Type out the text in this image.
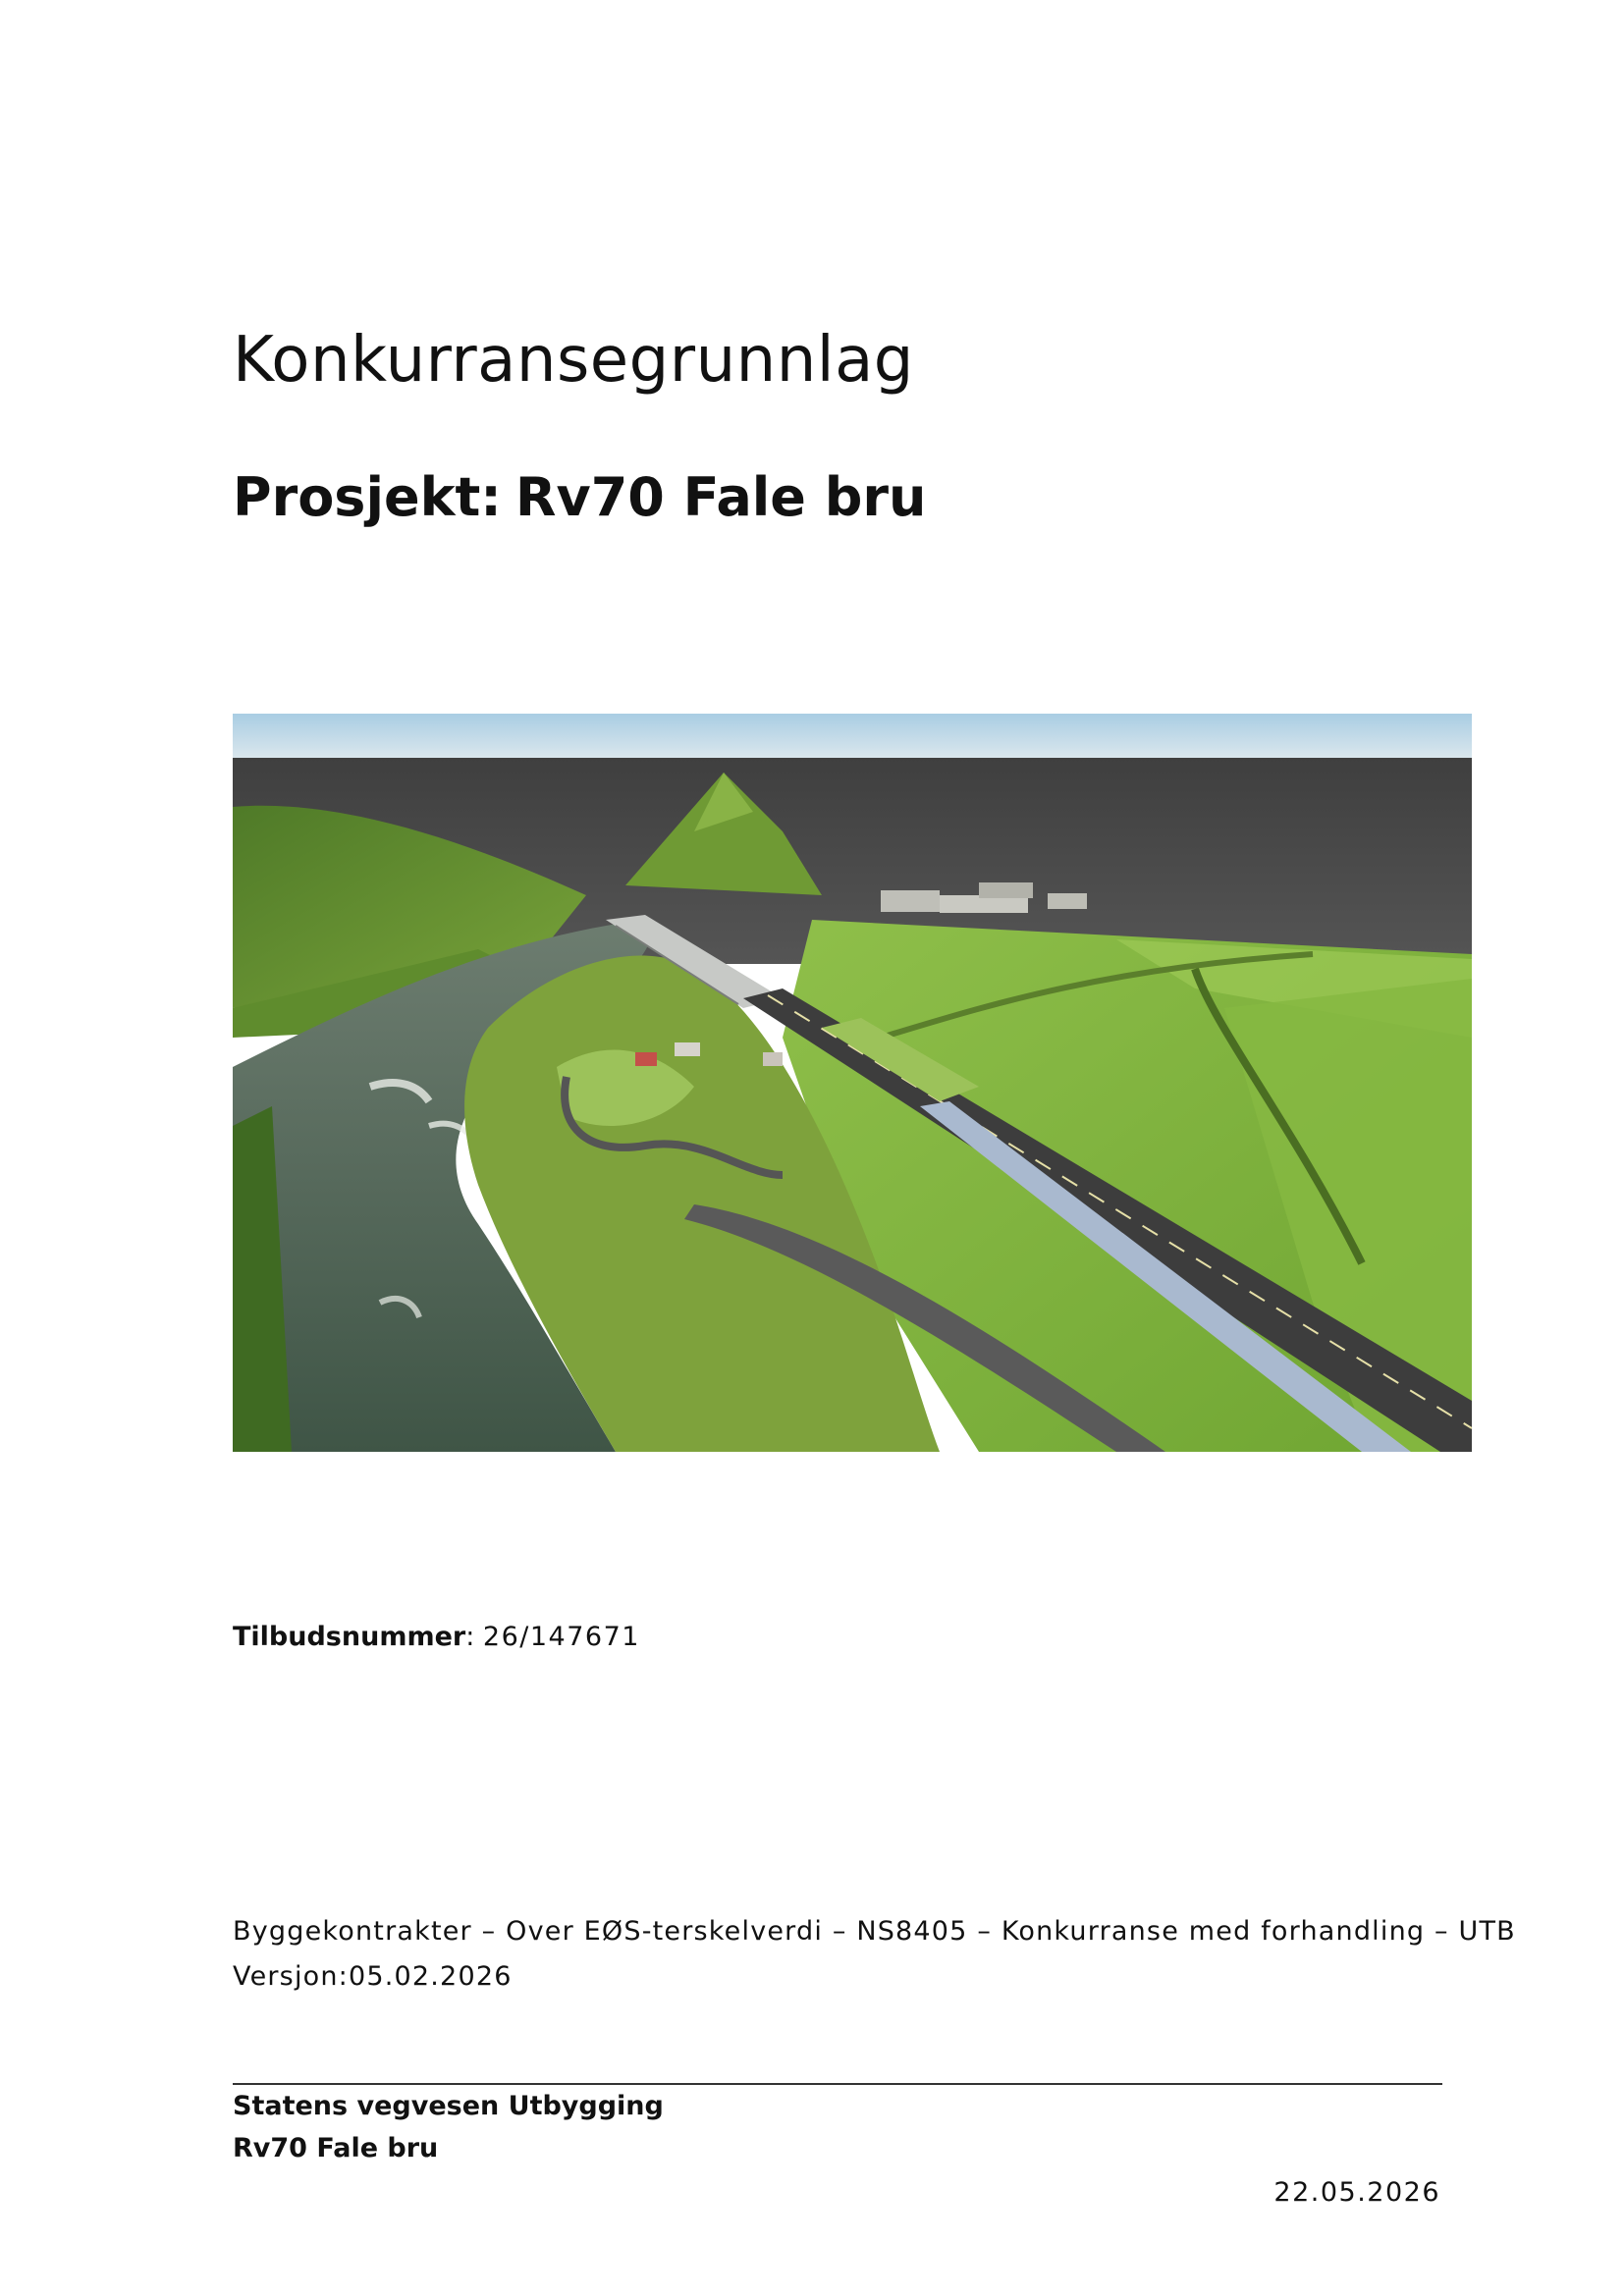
Konkurransegrunnlag
Prosjekt: Rv70 Fale bru
Tilbudsnummer: 26/147671
Byggekontrakter – Over EØS-terskelverdi – NS8405 – Konkurranse med forhandling – UTB
Versjon:05.02.2026
Statens vegvesen Utbygging
Rv70 Fale bru
22.05.2026
